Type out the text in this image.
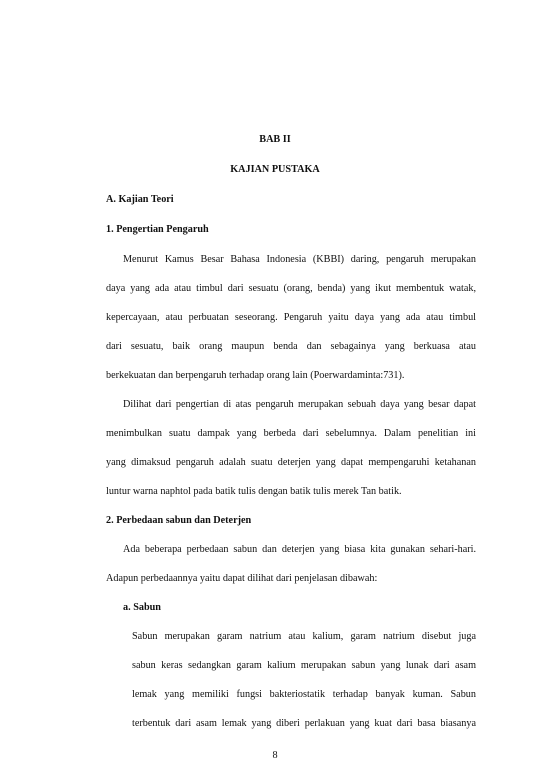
BAB II
KAJIAN PUSTAKA
A. Kajian Teori
1. Pengertian Pengaruh
Menurut Kamus Besar Bahasa Indonesia (KBBI) daring, pengaruh merupakan
daya yang ada atau timbul dari sesuatu (orang, benda) yang ikut membentuk watak,
kepercayaan, atau perbuatan seseorang. Pengaruh yaitu daya yang ada atau timbul
dari sesuatu, baik orang maupun benda dan sebagainya yang berkuasa atau
berkekuatan dan berpengaruh terhadap orang lain (Poerwardaminta:731).
Dilihat dari pengertian di atas pengaruh merupakan sebuah daya yang besar dapat
menimbulkan suatu dampak yang berbeda dari sebelumnya. Dalam penelitian ini
yang dimaksud pengaruh adalah suatu deterjen yang dapat mempengaruhi ketahanan
luntur warna naphtol pada batik tulis dengan batik tulis merek Tan batik.
2. Perbedaan sabun dan Deterjen
Ada beberapa perbedaan sabun dan deterjen yang biasa kita gunakan sehari-hari.
Adapun perbedaannya yaitu dapat dilihat dari penjelasan dibawah:
a. Sabun
Sabun merupakan garam natrium atau kalium, garam natrium disebut juga
sabun keras sedangkan garam kalium merupakan sabun yang lunak dari asam
lemak yang memiliki fungsi bakteriostatik terhadap banyak kuman. Sabun
terbentuk dari asam lemak yang diberi perlakuan yang kuat dari basa biasanya
8
